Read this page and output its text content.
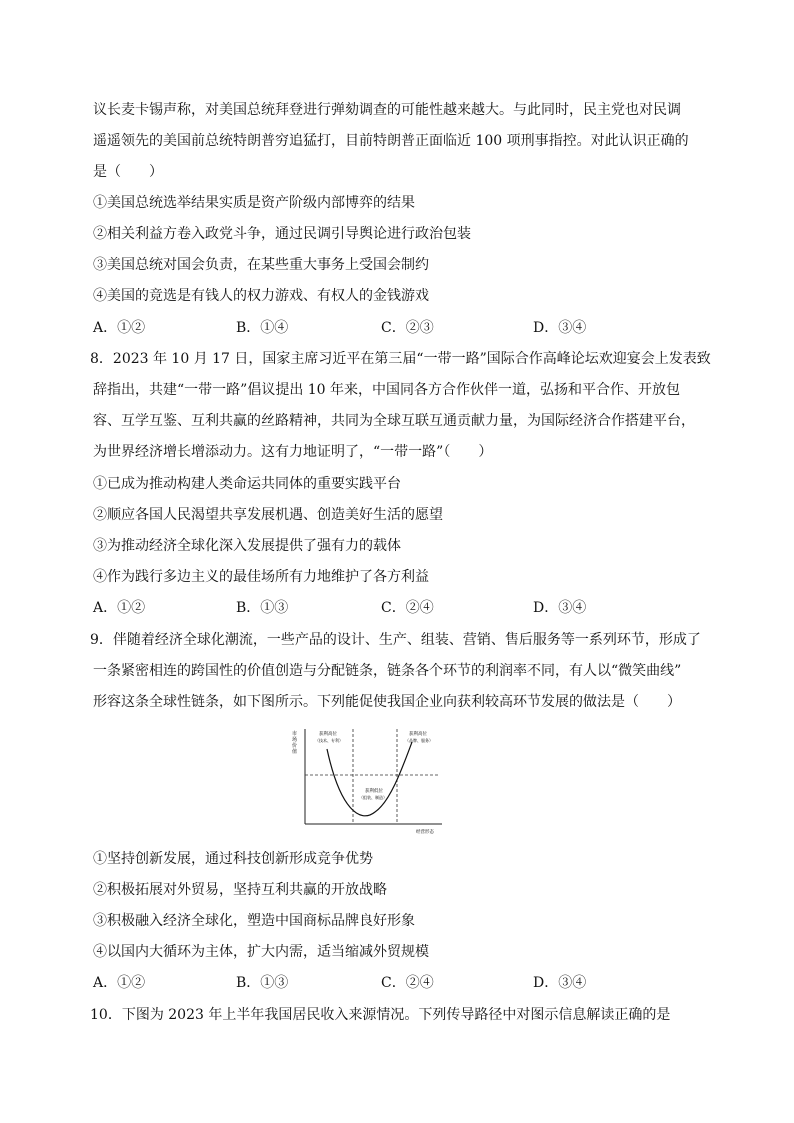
议长麦卡锡声称，对美国总统拜登进行弹劾调查的可能性越来越大。与此同时，民主党也对民调
遥遥领先的美国前总统特朗普穷追猛打，目前特朗普正面临近 100 项刑事指控。对此认识正确的
是（　　）
①美国总统选举结果实质是资产阶级内部博弈的结果
②相关利益方卷入政党斗争，通过民调引导舆论进行政治包装
③美国总统对国会负责，在某些重大事务上受国会制约
④美国的竞选是有钱人的权力游戏、有权人的金钱游戏
A．①②	B．①④	C．②③	D．③④
8．2023 年 10 月 17 日，国家主席习近平在第三届“一带一路”国际合作高峰论坛欢迎宴会上发表致
辞指出，共建“一带一路”倡议提出 10 年来，中国同各方合作伙伴一道，弘扬和平合作、开放包
容、互学互鉴、互利共赢的丝路精神，共同为全球互联互通贡献力量，为国际经济合作搭建平台，
为世界经济增长增添动力。这有力地证明了，“一带一路”（　　）
①已成为推动构建人类命运共同体的重要实践平台
②顺应各国人民渴望共享发展机遇、创造美好生活的愿望
③为推动经济全球化深入发展提供了强有力的载体
④作为践行多边主义的最佳场所有力地维护了各方利益
A．①②	B．①③	C．②④	D．③④
9．伴随着经济全球化潮流，一些产品的设计、生产、组装、营销、售后服务等一系列环节，形成了
一条紧密相连的跨国性的价值创造与分配链条，链条各个环节的利润率不同，有人以“微笑曲线”
形容这条全球性链条，如下图所示。下列能促使我国企业向获利较高环节发展的做法是（　　）
市
场
价
值
获利高位
（技术、专利）
获利高位
（品牌、服务）
获利低位
（组装、制造）
经营形态
①坚持创新发展，通过科技创新形成竞争优势
②积极拓展对外贸易，坚持互利共赢的开放战略
③积极融入经济全球化，塑造中国商标品牌良好形象
④以国内大循环为主体，扩大内需，适当缩减外贸规模
A．①②	B．①③	C．②④	D．③④
10．下图为 2023 年上半年我国居民收入来源情况。下列传导路径中对图示信息解读正确的是
